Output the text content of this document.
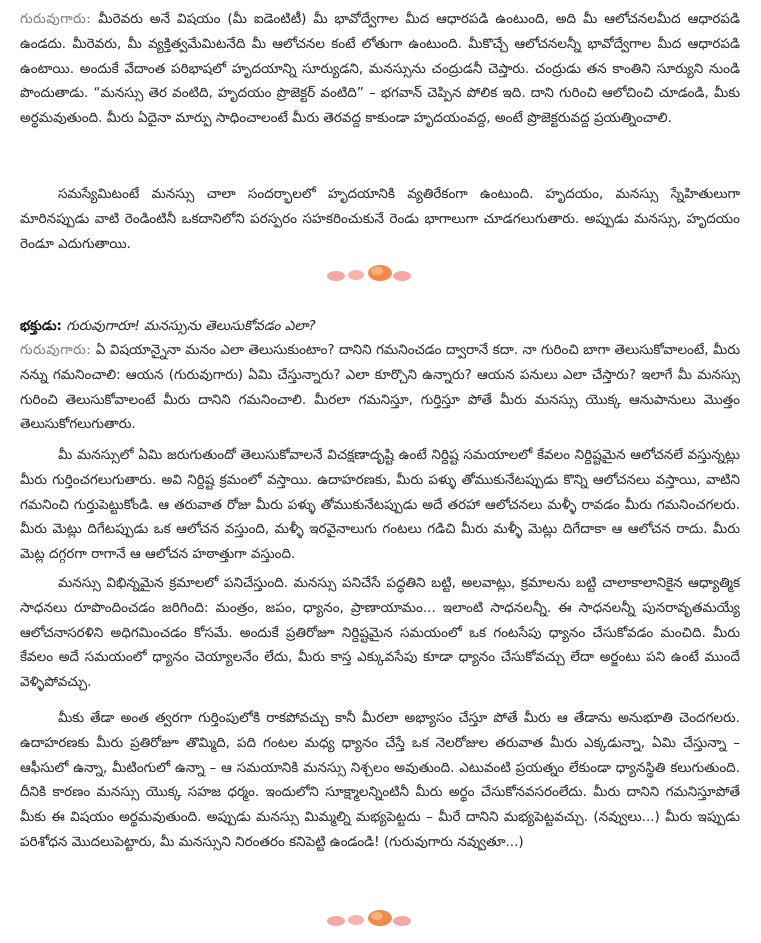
గురువుగారు: మీరెవరు అనే విషయం (మీ ఐడెంటిటీ) మీ భావోద్వేగాల మీద ఆధారపడి ఉంటుంది, అది మీ ఆలోచనలమీద ఆధారపడి ఉండదు. మీరెవరు, మీ వ్యక్తిత్వమేమిటనేది మీ ఆలోచనల కంటే లోతుగా ఉంటుంది. మీకొచ్చే ఆలోచనలన్నీ భావోద్వేగాల మీద ఆధారపడి ఉంటాయి. అందుకే వేదాంత పరిభాషలో హృదయాన్ని సూర్యుడని, మనస్సును చంద్రుడనీ చెప్తారు. చంద్రుడు తన కాంతిని సూర్యుని నుండి పొందుతాడు. “మనస్సు తెర వంటిది, హృదయం ప్రొజెక్టర్ వంటిది” – భగవాన్ చెప్పిన పోలిక ఇది. దాని గురించి ఆలోచించి చూడండి, మీకు అర్థమవుతుంది. మీరు ఏదైనా మార్పు సాధించాలంటే మీరు తెరవద్ద కాకుండా హృదయంవద్ద, అంటే ప్రొజెక్టరువద్ద ప్రయత్నించాలి.

సమస్యేమిటంటే మనస్సు చాలా సందర్భాలలో హృదయానికి వ్యతిరేకంగా ఉంటుంది. హృదయం, మనస్సు స్నేహితులుగా మారినప్పుడు వాటి రెండింటినీ ఒకదానిలోని పరస్పరం సహకరించుకునే రెండు భాగాలుగా చూడగలుగుతారు. అప్పుడు మనస్సు, హృదయం రెండూ ఎదుగుతాయి.

భక్తుడు: గురువుగారూ! మనస్సును తెలుసుకోవడం ఎలా?

గురువుగారు: ఏ విషయాన్నైనా మనం ఎలా తెలుసుకుంటాం? దానిని గమనించడం ద్వారానే కదా. నా గురించి బాగా తెలుసుకోవాలంటే, మీరు నన్ను గమనించాలి: ఆయన (గురువుగారు) ఏమి చేస్తున్నారు? ఎలా కూర్చొని ఉన్నారు? ఆయన పనులు ఎలా చేస్తారు? ఇలాగే మీ మనస్సు గురించి తెలుసుకోవాలంటే మీరు దానిని గమనించాలి. మీరలా గమనిస్తూ, గుర్తిస్తూ పోతే మీరు మనస్సు యొక్క ఆనుపానులు మొత్తం తెలుసుకోగలుగుతారు.

మీ మనస్సులో ఏమి జరుగుతుందో తెలుసుకోవాలనే విచక్షణాదృష్టి ఉంటే నిర్దిష్ట సమయాలలో కేవలం నిర్దిష్టమైన ఆలోచనలే వస్తున్నట్లు మీరు గుర్తించగలుగుతారు. అవి నిర్దిష్ట క్రమంలో వస్తాయి. ఉదాహరణకు, మీరు పళ్ళు తోముకునేటప్పుడు కొన్ని ఆలోచనలు వస్తాయి, వాటిని గమనించి గుర్తుపెట్టుకోండి. ఆ తరువాత రోజు మీరు పళ్ళు తోముకునేటప్పుడు అదే తరహా ఆలోచనలు మళ్ళీ రావడం మీరు గమనించగలరు. మీరు మెట్లు దిగేటప్పుడు ఒక ఆలోచన వస్తుంది, మళ్ళీ ఇరవైనాలుగు గంటలు గడిచి మీరు మళ్ళీ మెట్లు దిగేదాకా ఆ ఆలోచన రాదు. మీరు మెట్ల దగ్గరగా రాగానే ఆ ఆలోచన హఠాత్తుగా వస్తుంది.

మనస్సు విభిన్నమైన క్రమాలలో పనిచేస్తుంది. మనస్సు పనిచేసే పద్ధతిని బట్టి, అలవాట్లు, క్రమాలను బట్టి చాలాకాలానికైన ఆధ్యాత్మిక సాధనలు రూపొందించడం జరిగింది: మంత్రం, జపం, ధ్యానం, ప్రాణాయామం... ఇలాంటి సాధనలన్నీ. ఈ సాధనలన్నీ పునరావృతమయ్యే ఆలోచనాసరళిని అధిగమించడం కోసమే. అందుకే ప్రతిరోజూ నిర్దిష్టమైన సమయంలో ఒక గంటసేపు ధ్యానం చేసుకోవడం మంచిది. మీరు కేవలం అదే సమయంలో ధ్యానం చెయ్యాలనేం లేదు, మీరు కాస్త ఎక్కువసేపు కూడా ధ్యానం చేసుకోవచ్చు లేదా అర్జంటు పని ఉంటే ముందే వెళ్ళిపోవచ్చు.

మీకు తేడా అంత త్వరగా గుర్తింపులోకి రాకపోవచ్చు కానీ మీరలా అభ్యాసం చేస్తూ పోతే మీరు ఆ తేడాను అనుభూతి చెందగలరు. ఉదాహరణకు మీరు ప్రతిరోజూ తొమ్మిది, పది గంటల మధ్య ధ్యానం చేస్తే ఒక నెలరోజుల తరువాత మీరు ఎక్కడున్నా, ఏమి చేస్తున్నా – ఆఫీసులో ఉన్నా, మీటింగులో ఉన్నా – ఆ సమయానికి మనస్సు నిశ్చలం అవుతుంది. ఎటువంటి ప్రయత్నం లేకుండా ధ్యానస్థితి కలుగుతుంది. దీనికి కారణం మనస్సు యొక్క సహజ ధర్మం. ఇందులోని సూక్ష్మాలన్నింటినీ మీరు అర్థం చేసుకోనవసరంలేదు. మీరు దానిని గమనిస్తూపోతే మీకు ఈ విషయం అర్థమవుతుంది. అప్పుడు మనస్సు మిమ్మల్ని మభ్యపెట్టదు – మీరే దానిని మభ్యపెట్టవచ్చు. (నవ్వులు...) మీరు ఇప్పుడు పరిశోధన మొదలుపెట్టారు, మీ మనస్సుని నిరంతరం కనిపెట్టి ఉండండి! (గురువుగారు నవ్వుతూ...)
